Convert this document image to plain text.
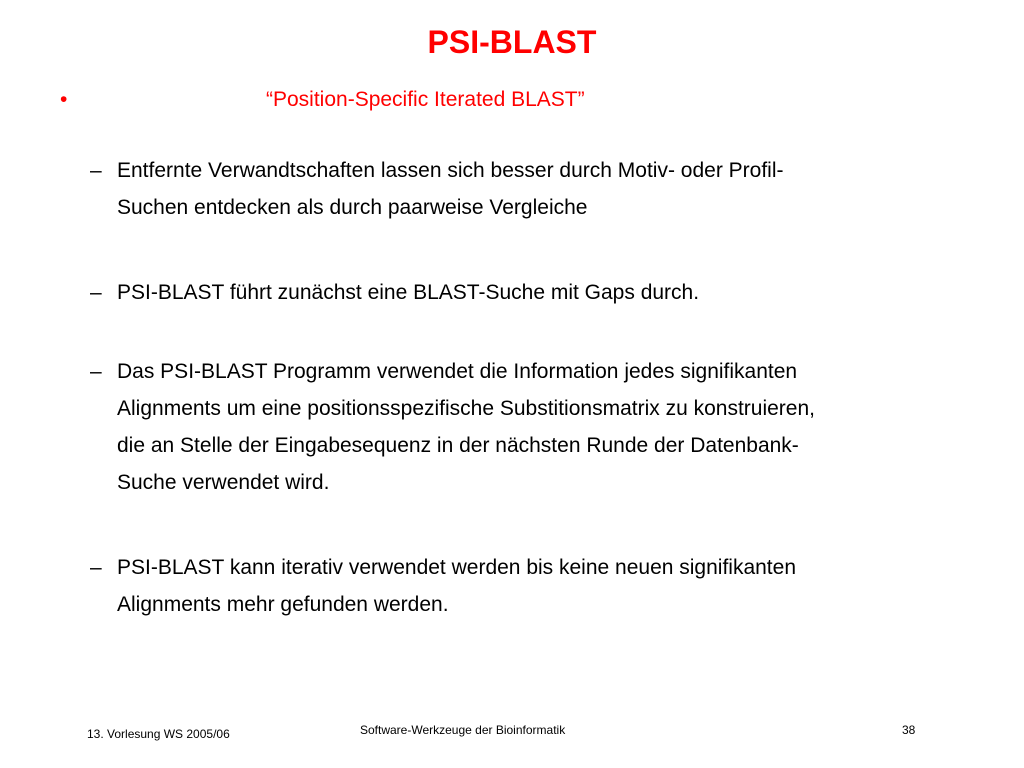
PSI-BLAST
•	“Position-Specific Iterated BLAST”
– Entfernte Verwandtschaften lassen sich besser durch Motiv- oder Profil-
Suchen entdecken als durch paarweise Vergleiche
– PSI-BLAST führt zunächst eine BLAST-Suche mit Gaps durch.
– Das PSI-BLAST Programm verwendet die Information jedes signifikanten
Alignments um eine positionsspezifische Substitionsmatrix zu konstruieren,
die an Stelle der Eingabesequenz in der nächsten Runde der Datenbank-
Suche verwendet wird.
– PSI-BLAST kann iterativ verwendet werden bis keine neuen signifikanten
Alignments mehr gefunden werden.
13. Vorlesung WS 2005/06	Software-Werkzeuge der Bioinformatik	38
